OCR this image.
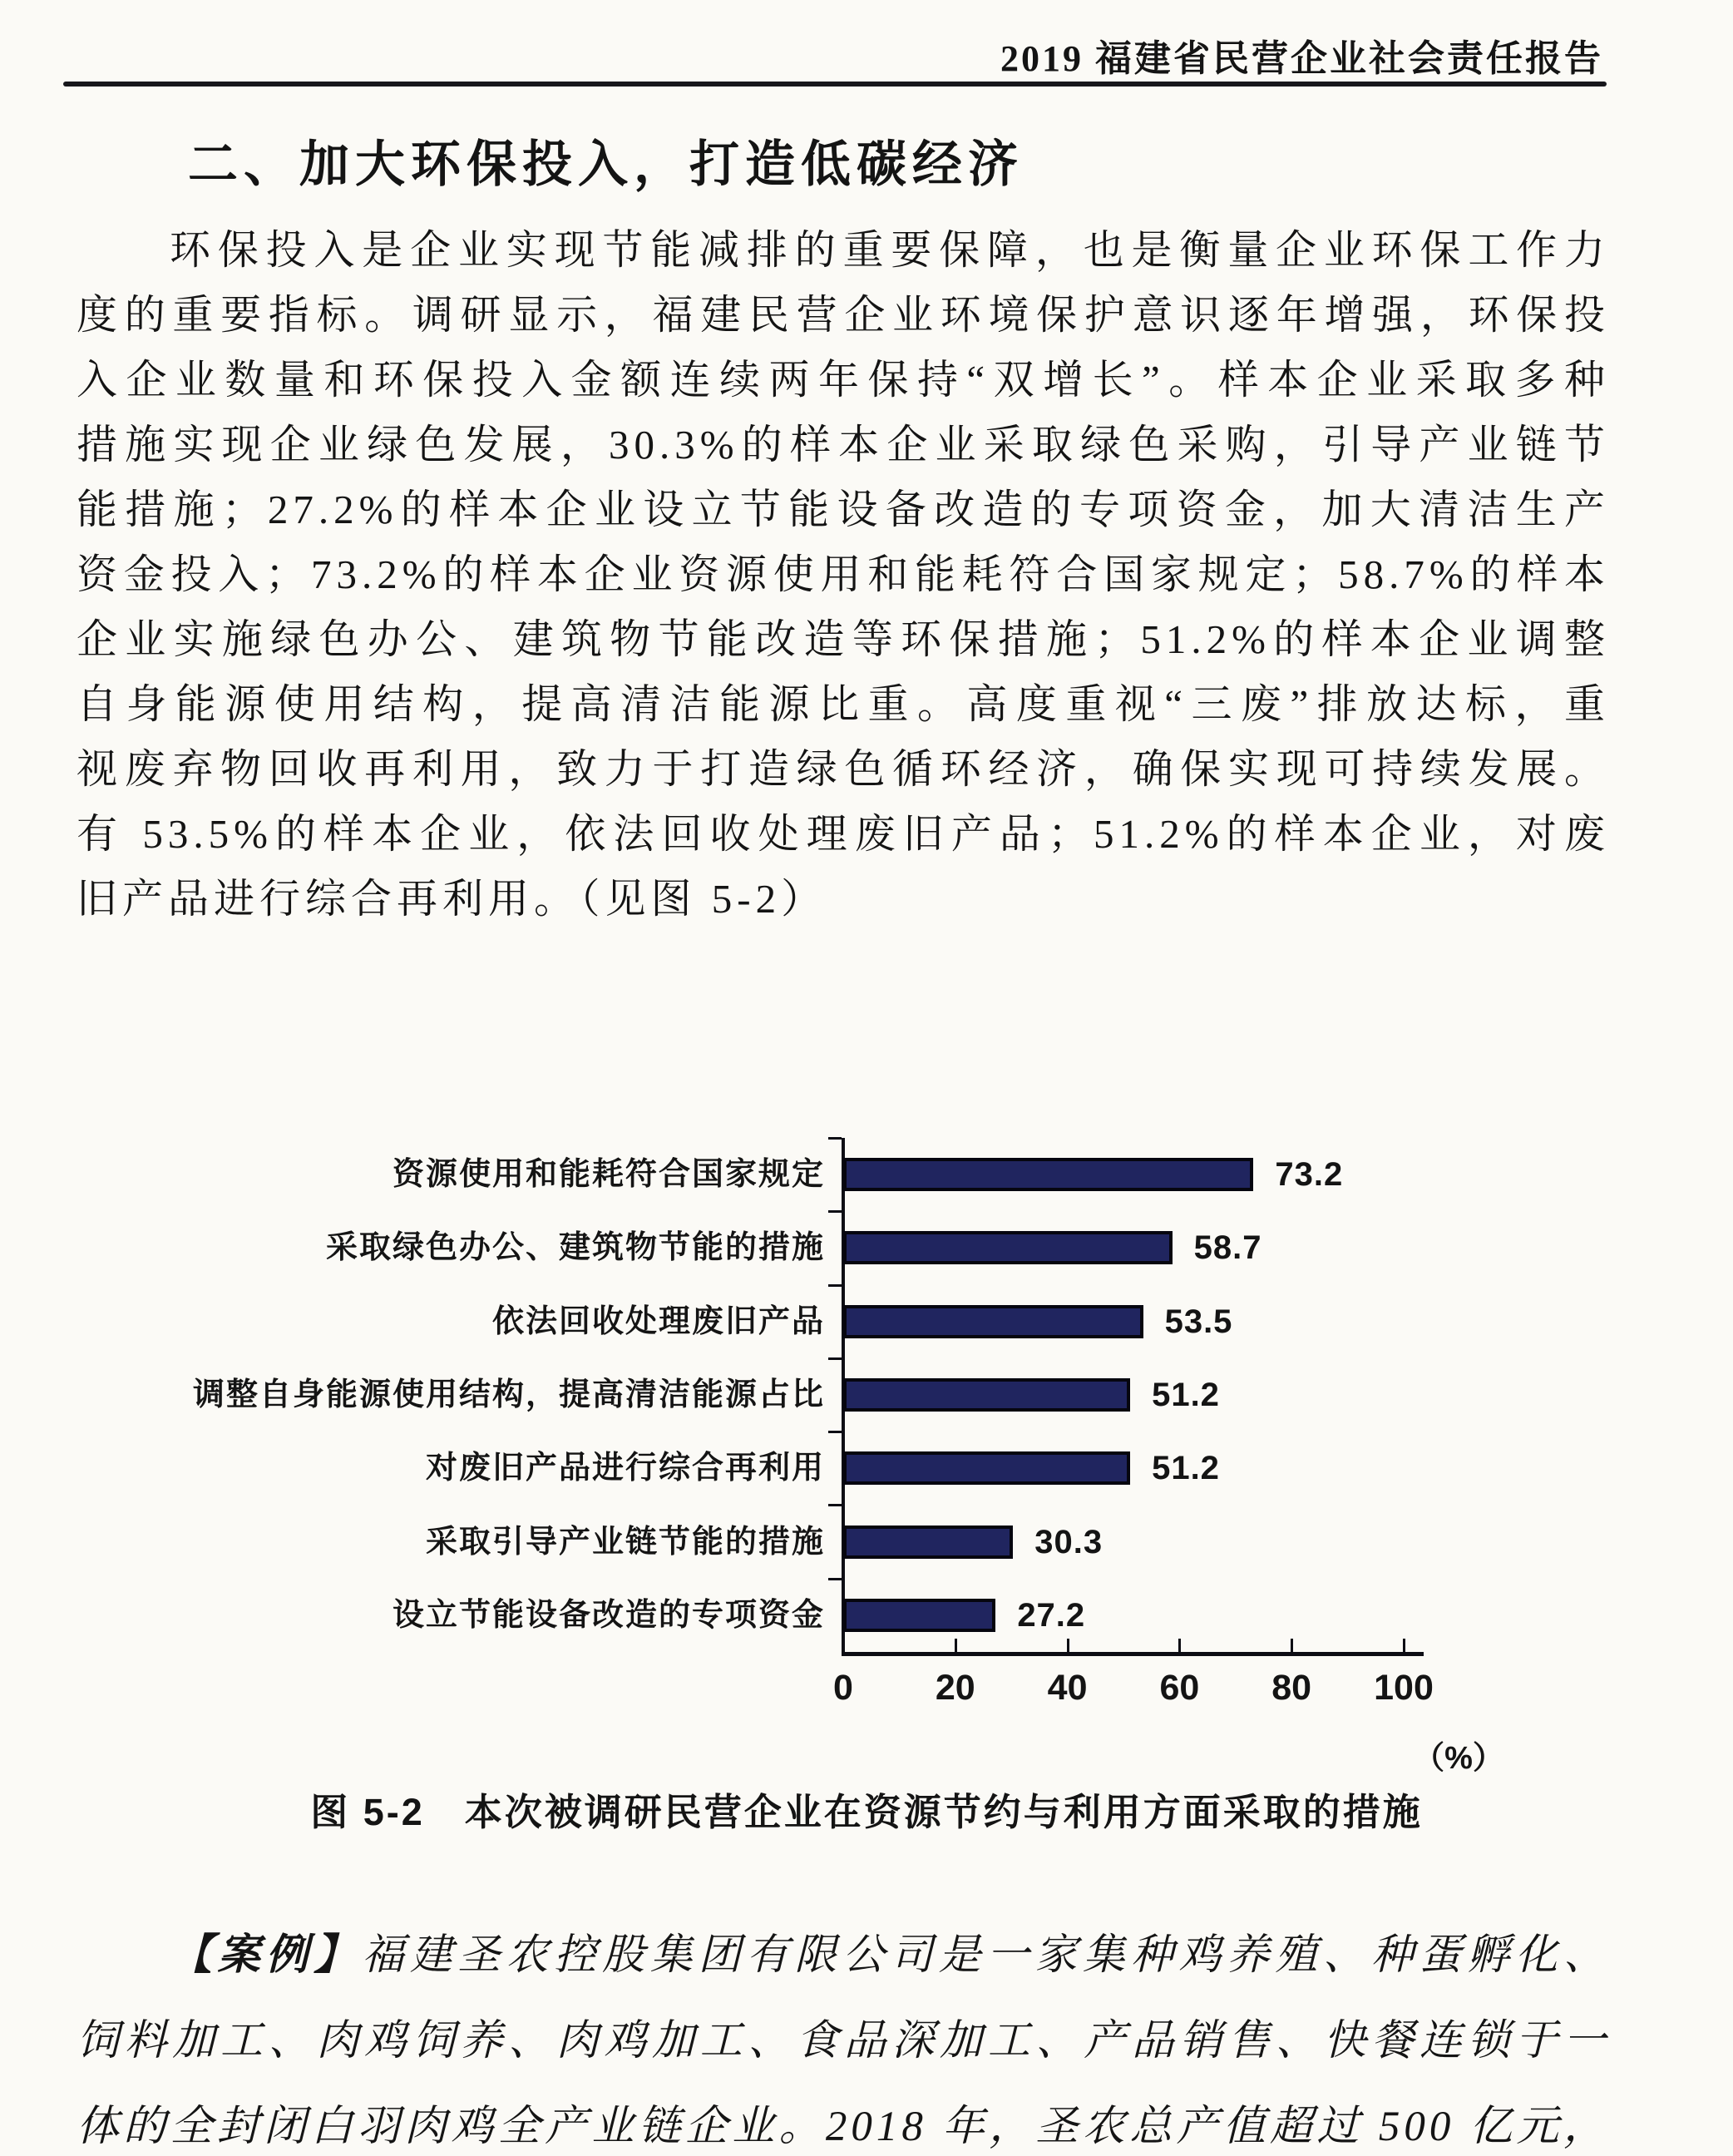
2019 福建省民营企业社会责任报告
二、加大环保投入，打造低碳经济
环保投入是企业实现节能减排的重要保障，也是衡量企业环保工作力
度的重要指标。调研显示，福建民营企业环境保护意识逐年增强，环保投
入企业数量和环保投入金额连续两年保持“双增长”。样本企业采取多种
措施实现企业绿色发展，30.3%的样本企业采取绿色采购，引导产业链节
能措施；27.2%的样本企业设立节能设备改造的专项资金，加大清洁生产
资金投入；73.2%的样本企业资源使用和能耗符合国家规定；58.7%的样本
企业实施绿色办公、建筑物节能改造等环保措施；51.2%的样本企业调整
自身能源使用结构，提高清洁能源比重。高度重视“三废”排放达标，重
视废弃物回收再利用，致力于打造绿色循环经济，确保实现可持续发展。
有 53.5%的样本企业，依法回收处理废旧产品；51.2%的样本企业，对废
旧产品进行综合再利用。（见图 5-2）
资源使用和能耗符合国家规定	73.2
采取绿色办公、建筑物节能的措施	58.7
依法回收处理废旧产品	53.5
调整自身能源使用结构，提高清洁能源占比	51.2
对废旧产品进行综合再利用	51.2
采取引导产业链节能的措施	30.3
设立节能设备改造的专项资金	27.2
0	20	40	60	80	100
（%）
图 5-2　本次被调研民营企业在资源节约与利用方面采取的措施
【案例】福建圣农控股集团有限公司是一家集种鸡养殖、种蛋孵化、
饲料加工、肉鸡饲养、肉鸡加工、食品深加工、产品销售、快餐连锁于一
体的全封闭白羽肉鸡全产业链企业。2018 年，圣农总产值超过 500 亿元，
